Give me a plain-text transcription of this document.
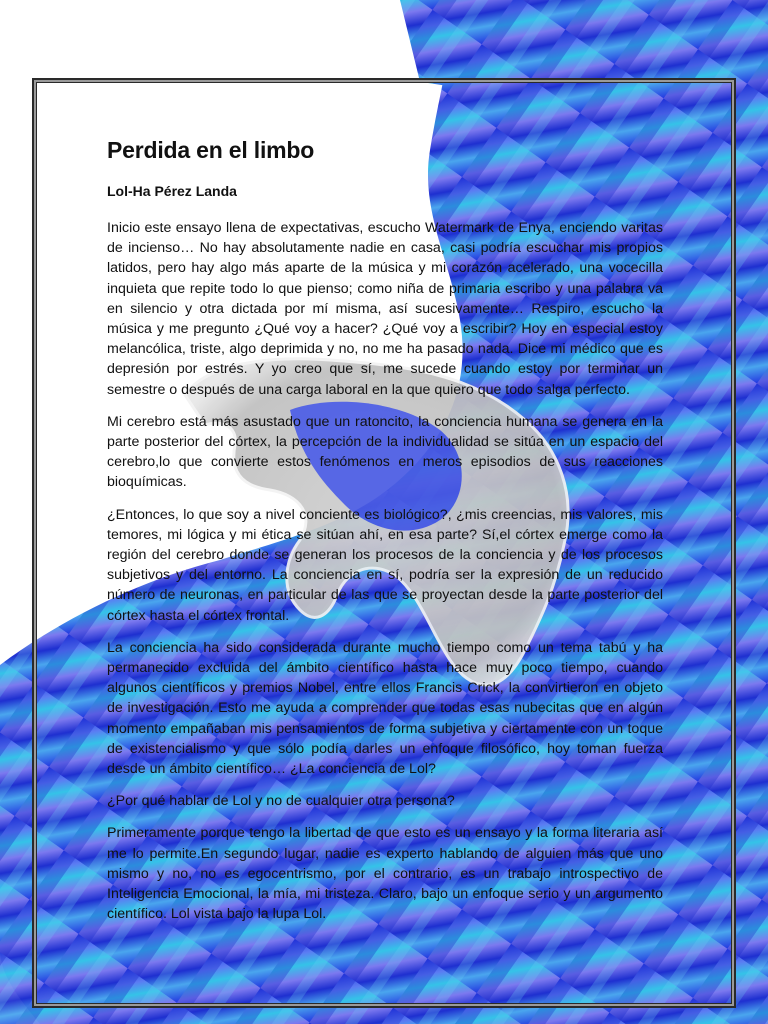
Perdida en el limbo
Lol-Ha Pérez Landa

Inicio este ensayo llena de expectativas, escucho Watermark de Enya, enciendo varitas de incienso… No hay absolutamente nadie en casa, casi podría escuchar mis propios latidos, pero hay algo más aparte de la música y mi corazón acelerado, una vocecilla inquieta que repite todo lo que pienso; como niña de primaria escribo y una palabra va en silencio y otra dictada por mí misma, así sucesivamente… Respiro, escucho la música y me pregunto ¿Qué voy a hacer? ¿Qué voy a escribir? Hoy en especial estoy melancólica, triste, algo deprimida y no, no me ha pasado nada. Dice mi médico que es depresión por estrés. Y yo creo que sí, me sucede cuando estoy por terminar un semestre o después de una carga laboral en la que quiero que todo salga perfecto.

Mi cerebro está más asustado que un ratoncito, la conciencia humana se genera en la parte posterior del córtex, la percepción de la individualidad se sitúa en un espacio del cerebro,lo que convierte estos fenómenos en meros episodios de sus reacciones bioquímicas.

¿Entonces, lo que soy a nivel conciente es biológico?, ¿mis creencias, mis valores, mis temores, mi lógica y mi ética se sitúan ahí, en esa parte? Sí,el córtex emerge como la región del cerebro donde se generan los procesos de la conciencia y de los procesos subjetivos y del entorno. La conciencia en sí, podría ser la expresión de un reducido número de neuronas, en particular de las que se proyectan desde la parte posterior del córtex hasta el córtex frontal.

La conciencia ha sido considerada durante mucho tiempo como un tema tabú y ha permanecido excluida del ámbito científico hasta hace muy poco tiempo, cuando algunos científicos y premios Nobel, entre ellos Francis Crick, la convirtieron en objeto de investigación. Esto me ayuda a comprender que todas esas nubecitas que en algún momento empañaban mis pensamientos de forma subjetiva y ciertamente con un toque de existencialismo y que sólo podía darles un enfoque filosófico, hoy toman fuerza desde un ámbito científico… ¿La conciencia de Lol?

¿Por qué hablar de Lol y no de cualquier otra persona?

Primeramente porque tengo la libertad de que esto es un ensayo y la forma literaria así me lo permite.En segundo lugar, nadie es experto hablando de alguien más que uno mismo y no, no es egocentrismo, por el contrario, es un trabajo introspectivo de Inteligencia Emocional, la mía, mi tristeza. Claro, bajo un enfoque serio y un argumento científico. Lol vista bajo la lupa Lol.
